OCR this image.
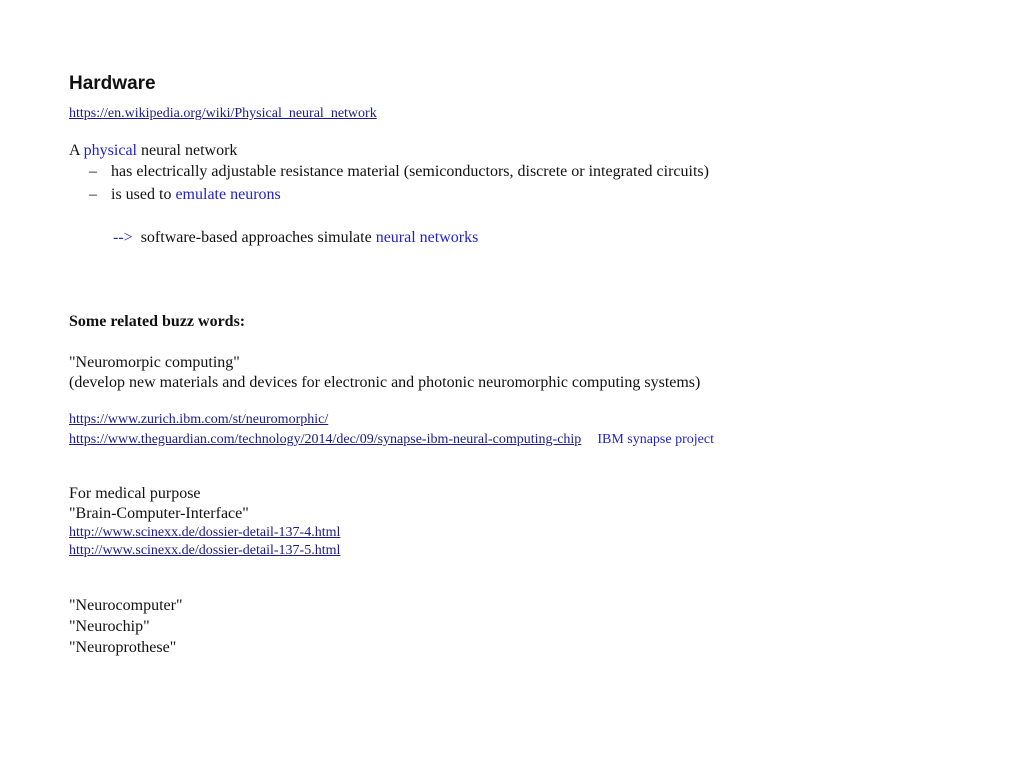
Hardware
https://en.wikipedia.org/wiki/Physical_neural_network
A physical neural network
– has electrically adjustable resistance material (semiconductors, discrete or integrated circuits)
– is used to emulate neurons
--> software-based approaches simulate neural networks
Some related buzz words:
"Neuromorpic computing"
(develop new materials and devices for electronic and photonic neuromorphic computing systems)
https://www.zurich.ibm.com/st/neuromorphic/
https://www.theguardian.com/technology/2014/dec/09/synapse-ibm-neural-computing-chip IBM synapse project
For medical purpose
"Brain-Computer-Interface"
http://www.scinexx.de/dossier-detail-137-4.html
http://www.scinexx.de/dossier-detail-137-5.html
"Neurocomputer"
"Neurochip"
"Neuroprothese"
